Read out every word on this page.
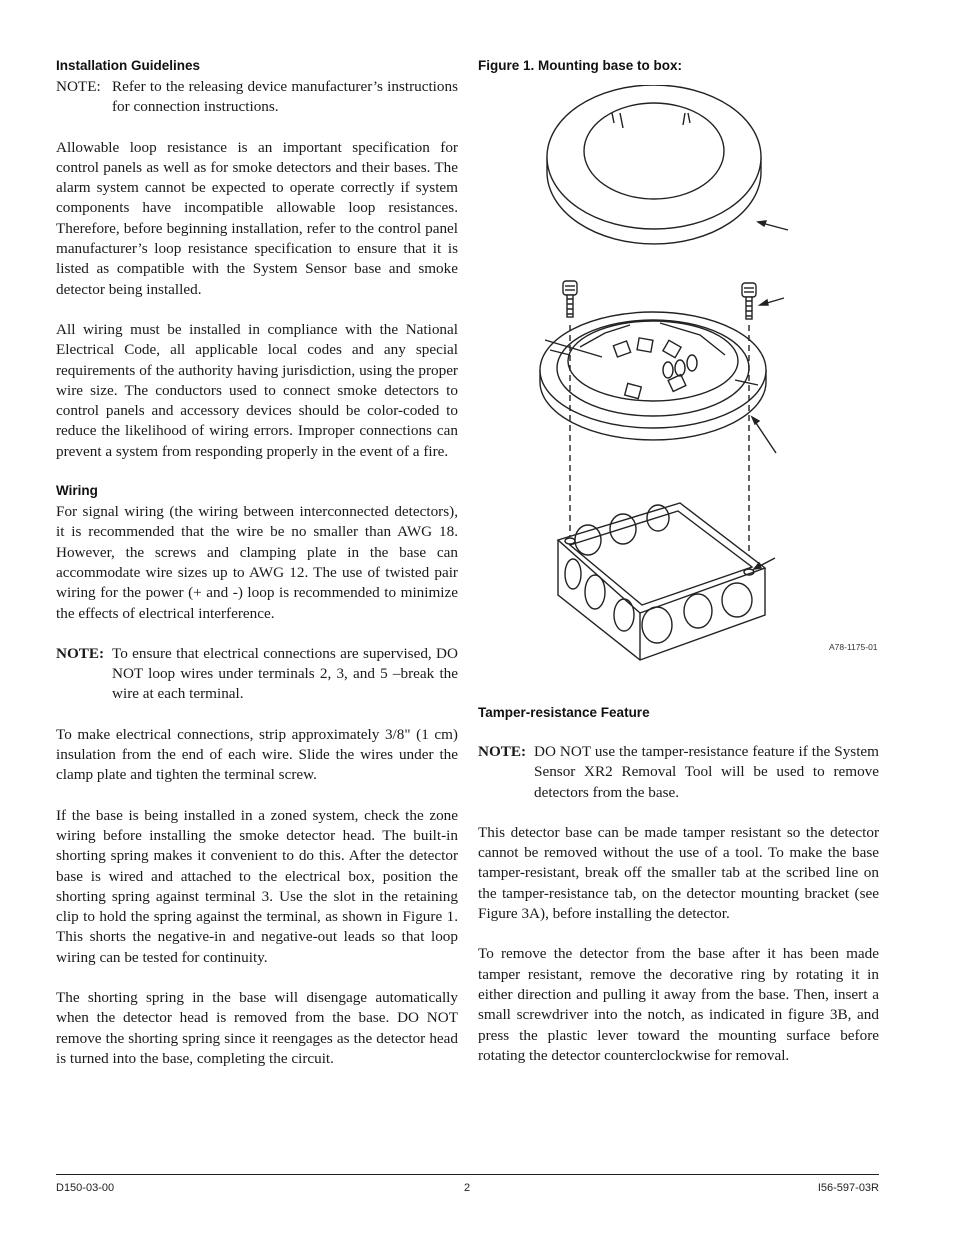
Installation Guidelines
NOTE: Refer to the releasing device manufacturer’s instructions for connection instructions.

Allowable loop resistance is an important specification for control panels as well as for smoke detectors and their bases. The alarm system cannot be expected to operate correctly if system components have incompatible allowable loop resistances. Therefore, before beginning installation, refer to the control panel manufacturer’s loop resistance specification to ensure that it is listed as compatible with the System Sensor base and smoke detector being installed.

All wiring must be installed in compliance with the National Electrical Code, all applicable local codes and any special requirements of the authority having jurisdiction, using the proper wire size. The conductors used to connect smoke detectors to control panels and accessory devices should be color-coded to reduce the likelihood of wiring errors. Improper connections can prevent a system from responding properly in the event of a fire.

Wiring

For signal wiring (the wiring between interconnected detectors), it is recommended that the wire be no smaller than AWG 18. However, the screws and clamping plate in the base can accommodate wire sizes up to AWG 12. The use of twisted pair wiring for the power (+ and -) loop is recommended to minimize the effects of electrical interference.

NOTE: To ensure that electrical connections are supervised, DO NOT loop wires under terminals 2, 3, and 5 –break the wire at each terminal.

To make electrical connections, strip approximately 3/8" (1 cm) insulation from the end of each wire. Slide the wires under the clamp plate and tighten the terminal screw.

If the base is being installed in a zoned system, check the zone wiring before installing the smoke detector head. The built-in shorting spring makes it convenient to do this. After the detector base is wired and attached to the electrical box, position the shorting spring against terminal 3. Use the slot in the retaining clip to hold the spring against the terminal, as shown in Figure 1. This shorts the negative-in and negative-out leads so that loop wiring can be tested for continuity.

The shorting spring in the base will disengage automatically when the detector head is removed from the base. DO NOT remove the shorting spring since it reengages as the detector head is turned into the base, completing the circuit.

Figure 1. Mounting base to box:
A78-1175-01
Tamper-resistance Feature
NOTE: DO NOT use the tamper-resistance feature if the System Sensor XR2 Removal Tool will be used to remove detectors from the base.

This detector base can be made tamper resistant so the detector cannot be removed without the use of a tool. To make the base tamper-resistant, break off the smaller tab at the scribed line on the tamper-resistance tab, on the detector mounting bracket (see Figure 3A), before installing the detector.

To remove the detector from the base after it has been made tamper resistant, remove the decorative ring by rotating it in either direction and pulling it away from the base. Then, insert a small screwdriver into the notch, as indicated in figure 3B, and press the plastic lever toward the mounting surface before rotating the detector counterclockwise for removal.

D150-03-00	2	I56-597-03R
